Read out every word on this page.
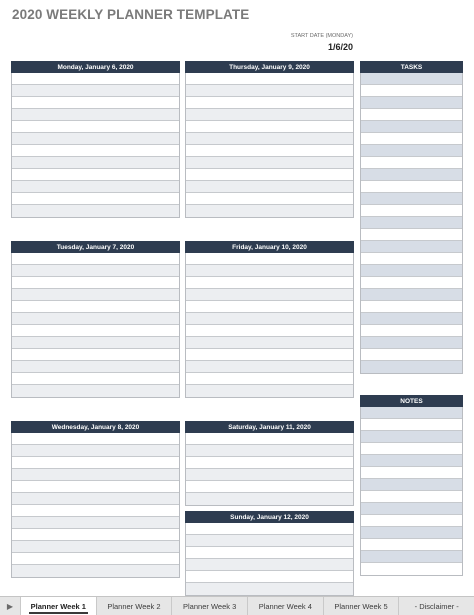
2020 WEEKLY PLANNER TEMPLATE
START DATE (MONDAY)
1/6/20
Monday, January 6, 2020
Tuesday, January 7, 2020
Wednesday, January 8, 2020
Thursday, January 9, 2020
Friday, January 10, 2020
Saturday, January 11, 2020
Sunday, January 12, 2020
TASKS
NOTES
▶	Planner Week 1	Planner Week 2	Planner Week 3	Planner Week 4	Planner Week 5	- Disclaimer -
